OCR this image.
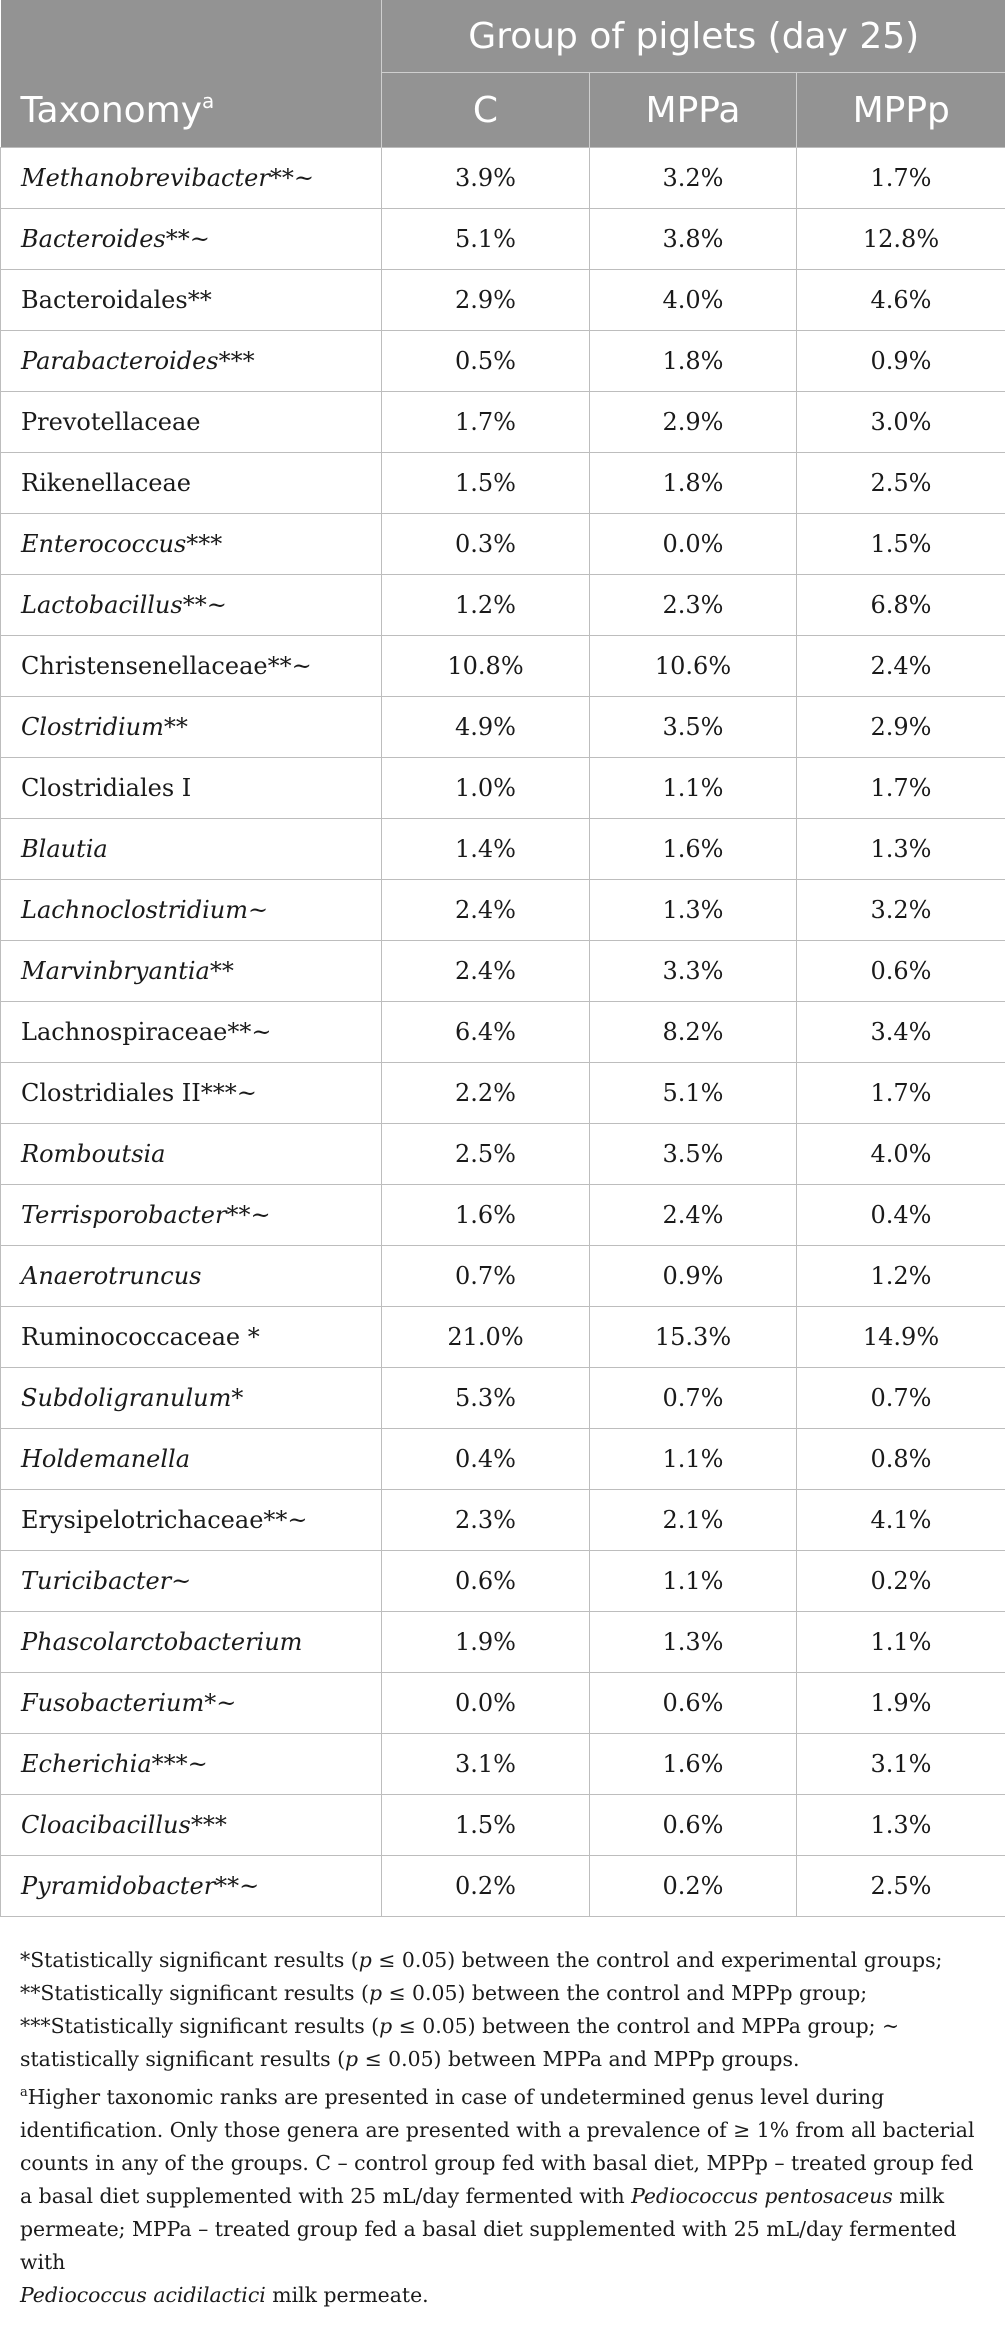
	Group of piglets (day 25)		
Taxonomy$^a$	C	MPPa	MPPp
Methanobrevibacter**~	3.9%	3.2%	1.7%
Bacteroides**~	5.1%	3.8%	12.8%
Bacteroidales**	2.9%	4.0%	4.6%
Parabacteroides***	0.5%	1.8%	0.9%
Prevotellaceae	1.7%	2.9%	3.0%
Rikenellaceae	1.5%	1.8%	2.5%
Enterococcus***	0.3%	0.0%	1.5%
Lactobacillus**~	1.2%	2.3%	6.8%
Christensenellaceae**~	10.8%	10.6%	2.4%
Clostridium**	4.9%	3.5%	2.9%
Clostridiales I	1.0%	1.1%	1.7%
Blautia	1.4%	1.6%	1.3%
Lachnoclostridium~	2.4%	1.3%	3.2%
Marvinbryantia**	2.4%	3.3%	0.6%
Lachnospiraceae**~	6.4%	8.2%	3.4%
Clostridiales II***~	2.2%	5.1%	1.7%
Romboutsia	2.5%	3.5%	4.0%
Terrisporobacter**~	1.6%	2.4%	0.4%
Anaerotruncus	0.7%	0.9%	1.2%
Ruminococcaceae *	21.0%	15.3%	14.9%
Subdoligranulum*	5.3%	0.7%	0.7%
Holdemanella	0.4%	1.1%	0.8%
Erysipelotrichaceae**~	2.3%	2.1%	4.1%
Turicibacter~	0.6%	1.1%	0.2%
Phascolarctobacterium	1.9%	1.3%	1.1%
Fusobacterium*~	0.0%	0.6%	1.9%
Echerichia***~	3.1%	1.6%	3.1%
Cloacibacillus***	1.5%	0.6%	1.3%
Pyramidobacter**~	0.2%	0.2%	2.5%

*Statistically significant results (p ≤ 0.05) between the control and experimental groups;
**Statistically significant results (p ≤ 0.05) between the control and MPPp group;
***Statistically significant results (p ≤ 0.05) between the control and MPPa group; ~
statistically significant results (p ≤ 0.05) between MPPa and MPPp groups.

$^a$Higher taxonomic ranks are presented in case of undetermined genus level during
identification. Only those genera are presented with a prevalence of ≥ 1% from all bacterial
counts in any of the groups. C – control group fed with basal diet, MPPp – treated group fed
a basal diet supplemented with 25 mL/day fermented with Pediococcus pentosaceus milk
permeate; MPPa – treated group fed a basal diet supplemented with 25 mL/day fermented with
Pediococcus acidilactici milk permeate.
